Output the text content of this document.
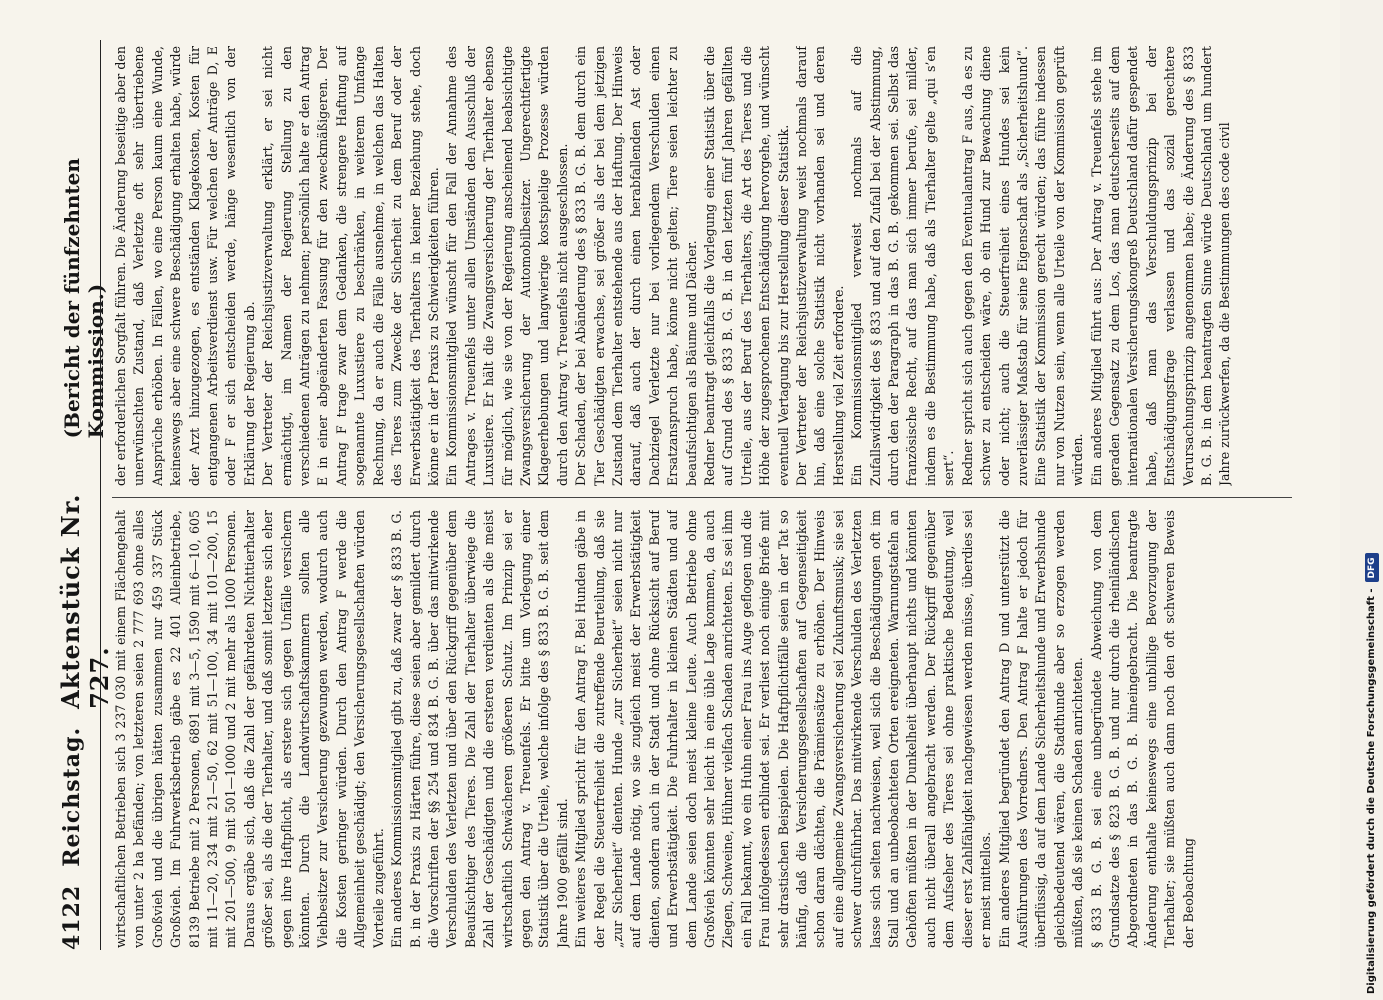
4122
Reichstag.
Aktenstück Nr. 727.
(Bericht der fünfzehnten Kommission.)

wirtschaftlichen Betrieben sich 3 237 030 mit einem Flächengehalt von unter 2 ha befänden; von letzteren seien 2 777 693 ohne alles Großvieh und die übrigen hätten zusammen nur 459 337 Stück Großvieh. Im Fuhrwerksbetrieb gäbe es 22 401 Alleinbetriebe, 8139 Betriebe mit 2 Personen, 6891 mit 3—5, 1590 mit 6—10, 605 mit 11—20, 234 mit 21—50, 62 mit 51—100, 34 mit 101—200, 15 mit 201—500, 9 mit 501—1000 und 2 mit mehr als 1000 Personen. Daraus ergäbe sich, daß die Zahl der gefährdeten Nichttierhalter größer sei, als die der Tierhalter, und daß somit letztere sich eher gegen ihre Haftpflicht, als erstere sich gegen Unfälle versichern könnten. Durch die Landwirtschaftskammern sollten alle Viehbesitzer zur Versicherung gezwungen werden, wodurch auch die Kosten geringer würden. Durch den Antrag F werde die Allgemeinheit geschädigt; den Versicherungsgesellschaften würden Vorteile zugeführt. Ein anderes Kommissionsmitglied gibt zu, daß zwar der § 833 B. G. B. in der Praxis zu Härten führe, diese seien aber gemildert durch die Vorschriften der §§ 254 und 834 B. G. B. über das mitwirkende Verschulden des Verletzten und über den Rückgriff gegenüber dem Beaufsichtiger des Tieres. Die Zahl der Tierhalter überwiege die Zahl der Geschädigten und die ersteren verdienten als die meist wirtschaftlich Schwächeren größeren Schutz. Im Prinzip sei er gegen den Antrag v. Treuenfels. Er bitte um Vorlegung einer Statistik über die Urteile, welche infolge des § 833 B. G. B. seit dem Jahre 1900 gefällt sind. Ein weiteres Mitglied spricht für den Antrag F. Bei Hunden gäbe in der Regel die Steuerfreiheit die zutreffende Beurteilung, daß sie „zur Sicherheit“ dienten. Hunde „zur Sicherheit“ seien nicht nur auf dem Lande nötig, wo sie zugleich meist der Erwerbstätigkeit dienten, sondern auch in der Stadt und ohne Rücksicht auf Beruf und Erwerbstätigkeit. Die Fuhrhalter in kleinen Städten und auf dem Lande seien doch meist kleine Leute. Auch Betriebe ohne Großvieh könnten sehr leicht in eine üble Lage kommen, da auch Ziegen, Schweine, Hühner vielfach Schaden anrichteten. Es sei ihm ein Fall bekannt, wo ein Huhn einer Frau ins Auge geflogen und die Frau infolgedessen erblindet sei. Er verliest noch einige Briefe mit sehr drastischen Beispielen. Die Haftpflichtfälle seien in der Tat so häufig, daß die Versicherungsgesellschaften auf Gegenseitigkeit schon daran dächten, die Prämiensätze zu erhöhen. Der Hinweis auf eine allgemeine Zwangsversicherung sei Zukunftsmusik; sie sei schwer durchführbar. Das mitwirkende Verschulden des Verletzten lasse sich selten nachweisen, weil sich die Beschädigungen oft im Stall und an unbeobachteten Orten ereigneten. Warnungstafeln an Gehöften müßten in der Dunkelheit überhaupt nichts und könnten auch nicht überall angebracht werden. Der Rückgriff gegenüber dem Aufseher des Tieres sei ohne praktische Bedeutung, weil dieser erst Zahlfähigkeit nachgewiesen werden müsse, überdies sei er meist mittellos. Ein anderes Mitglied begründet den Antrag D und unterstützt die Ausführungen des Vorredners. Den Antrag F halte er jedoch für überflüssig, da auf dem Lande Sicherheitshunde und Erwerbshunde gleichbedeutend wären, die Stadthunde aber so erzogen werden müßten, daß sie keinen Schaden anrichteten. § 833 B. G. B. sei eine unbegründete Abweichung von dem Grundsatze des § 823 B. G. B. und nur durch die rheinländischen Abgeordneten in das B. G. B. hineingebracht. Die beantragte Änderung enthalte keineswegs eine unbillige Bevorzugung der Tierhalter; sie müßten auch dann noch den oft schweren Beweis der Beobachtung

der erforderlichen Sorgfalt führen. Die Änderung beseitige aber den unerwünschten Zustand, daß Verletzte oft sehr übertriebene Ansprüche erhöben. In Fällen, wo eine Person kaum eine Wunde, keineswegs aber eine schwere Beschädigung erhalten habe, würde der Arzt hinzugezogen, es entständen Klagekosten, Kosten für entgangenen Arbeitsverdienst usw. Für welchen der Anträge D, E oder F er sich entscheiden werde, hänge wesentlich von der Erklärung der Regierung ab. Der Vertreter der Reichsjustizverwaltung erklärt, er sei nicht ermächtigt, im Namen der Regierung Stellung zu den verschiedenen Anträgen zu nehmen; persönlich halte er den Antrag E in einer abgeänderten Fassung für den zweckmäßigeren. Der Antrag F trage zwar dem Gedanken, die strengere Haftung auf sogenannte Luxustiere zu beschränken, in weiterem Umfange Rechnung, da er auch die Fälle ausnehme, in welchen das Halten des Tieres zum Zwecke der Sicherheit zu dem Beruf oder der Erwerbstätigkeit des Tierhalters in keiner Beziehung stehe, doch könne er in der Praxis zu Schwierigkeiten führen. Ein Kommissionsmitglied wünscht für den Fall der Annahme des Antrages v. Treuenfels unter allen Umständen den Ausschluß der Luxustiere. Er hält die Zwangsversicherung der Tierhalter ebenso für möglich, wie sie von der Regierung anscheinend beabsichtigte Zwangsversicherung der Automobilbesitzer. Ungerechtfertigte Klageerhebungen und langwierige kostspielige Prozesse würden durch den Antrag v. Treuenfels nicht ausgeschlossen. Der Schaden, der bei Abänderung des § 833 B. G. B. dem durch ein Tier Geschädigten erwachse, sei größer als der bei dem jetzigen Zustand dem Tierhalter entstehende aus der Haftung. Der Hinweis darauf, daß auch der durch einen herabfallenden Ast oder Dachziegel Verletzte nur bei vorliegendem Verschulden einen Ersatzanspruch habe, könne nicht gelten; Tiere seien leichter zu beaufsichtigen als Bäume und Dächer. Redner beantragt gleichfalls die Vorlegung einer Statistik über die auf Grund des § 833 B. G. B. in den letzten fünf Jahren gefällten Urteile, aus der Beruf des Tierhalters, die Art des Tieres und die Höhe der zugesprochenen Entschädigung hervorgehe, und wünscht eventuell Vertagung bis zur Herstellung dieser Statistik. Der Vertreter der Reichsjustizverwaltung weist nochmals darauf hin, daß eine solche Statistik nicht vorhanden sei und deren Herstellung viel Zeit erfordere. Ein Kommissionsmitglied verweist nochmals auf die Zufallswidrigkeit des § 833 und auf den Zufall bei der Abstimmung, durch den der Paragraph in das B. G. B. gekommen sei. Selbst das französische Recht, auf das man sich immer berufe, sei milder, indem es die Bestimmung habe, daß als Tierhalter gelte „qui s’en sert“. Redner spricht sich auch gegen den Eventualantrag F aus, da es zu schwer zu entscheiden wäre, ob ein Hund zur Bewachung diene oder nicht; auch die Steuerfreiheit eines Hundes sei kein zuverlässiger Maßstab für seine Eigenschaft als „Sicherheitshund“. Eine Statistik der Kommission gerecht würden; das führe indessen nur von Nutzen sein, wenn alle Urteile von der Kommission geprüft würden. Ein anderes Mitglied führt aus: Der Antrag v. Treuenfels stehe im geraden Gegensatz zu dem Los, das man deutscherseits auf dem internationalen Versicherungskongreß Deutschland dafür gespendet habe, daß man das Verschuldungsprinzip bei der Entschädigungsfrage verlassen und das sozial gerechtere Verursachungsprinzip angenommen habe; die Änderung des § 833 B. G. B. in dem beantragten Sinne würde Deutschland um hundert Jahre zurückwerfen, da die Bestimmungen des code civil

Digitalisierung gefördert durch die Deutsche Forschungsgemeinschaft -
DFG
